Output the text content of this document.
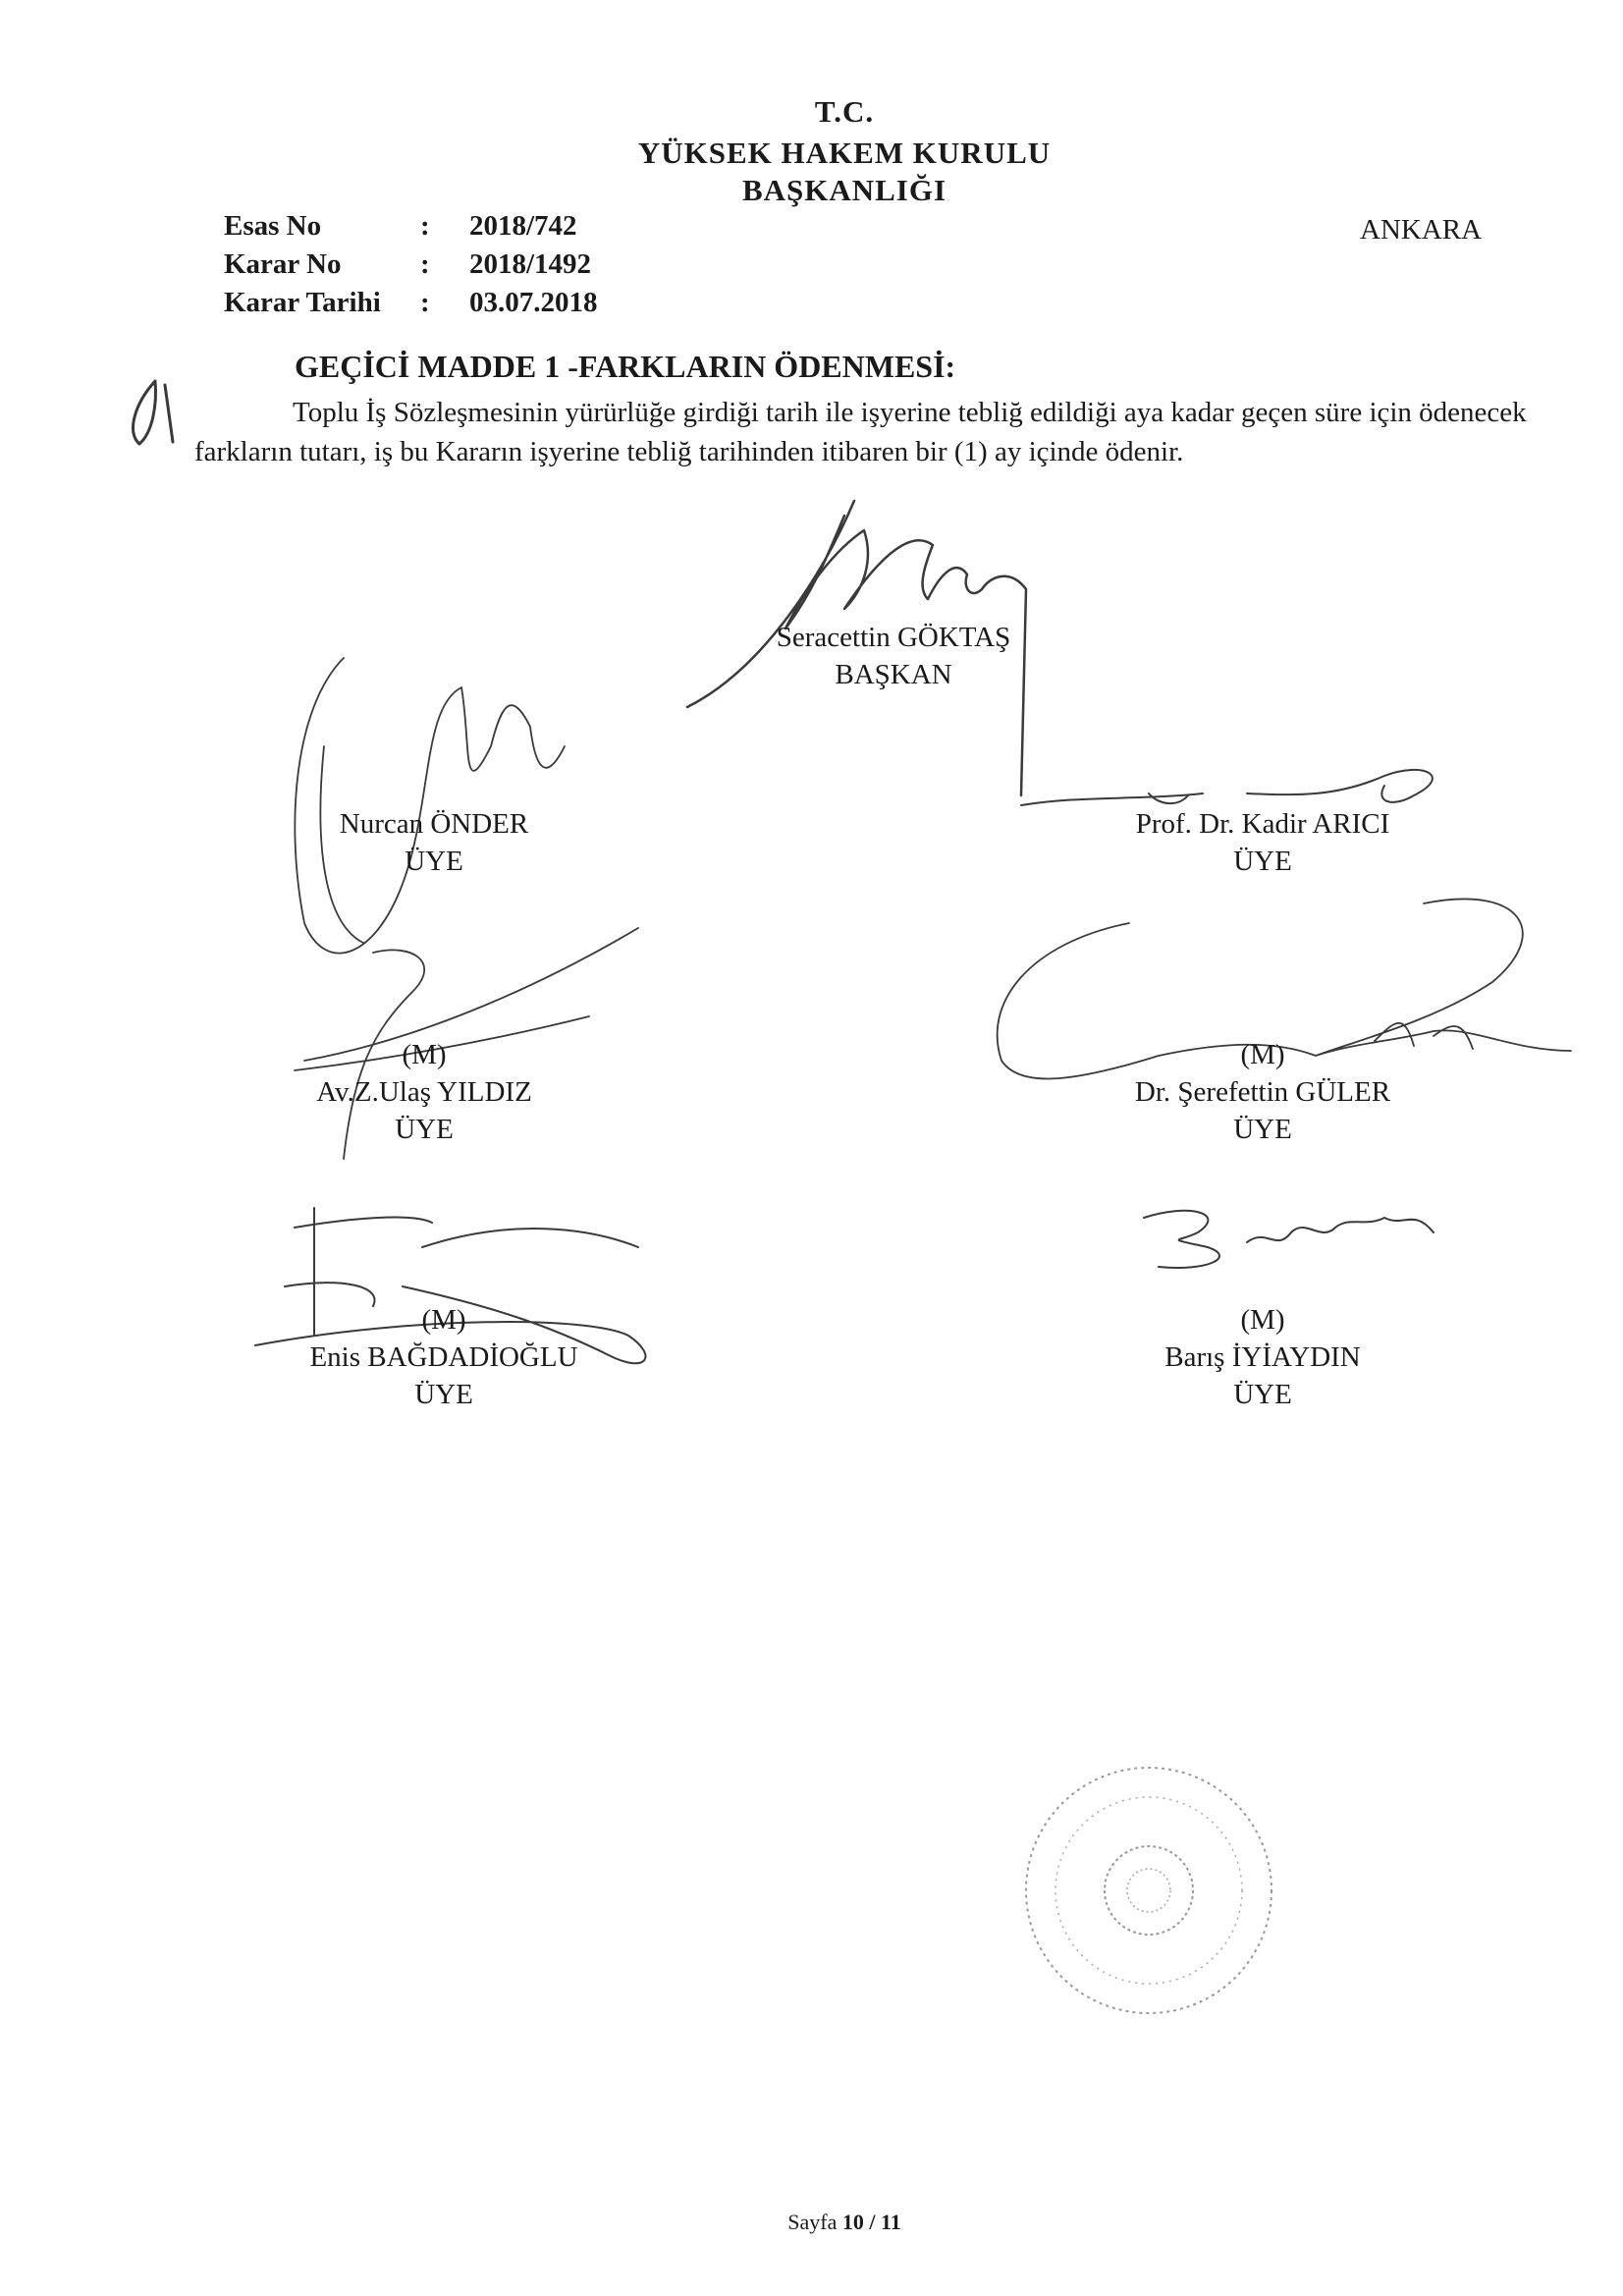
T.C.
YÜKSEK HAKEM KURULU
BAŞKANLIĞI
Esas No	:	2018/742
Karar No	:	2018/1492
Karar Tarihi	:	03.07.2018
ANKARA
GEÇİCİ MADDE 1 -FARKLARIN ÖDENMESİ:
Toplu İş Sözleşmesinin yürürlüğe girdiği tarih ile işyerine tebliğ edildiği aya kadar geçen süre için ödenecek farkların tutarı, iş bu Kararın işyerine tebliğ tarihinden itibaren bir (1) ay içinde ödenir.
Seracettin GÖKTAŞ
BAŞKAN
Nurcan ÖNDER
ÜYE
Prof. Dr. Kadir ARICI
ÜYE
(M)
Av.Z.Ulaş YILDIZ
ÜYE
(M)
Dr. Şerefettin GÜLER
ÜYE
(M)
Enis BAĞDADİOĞLU
ÜYE
(M)
Barış İYİAYDIN
ÜYE
Sayfa 10 / 11
